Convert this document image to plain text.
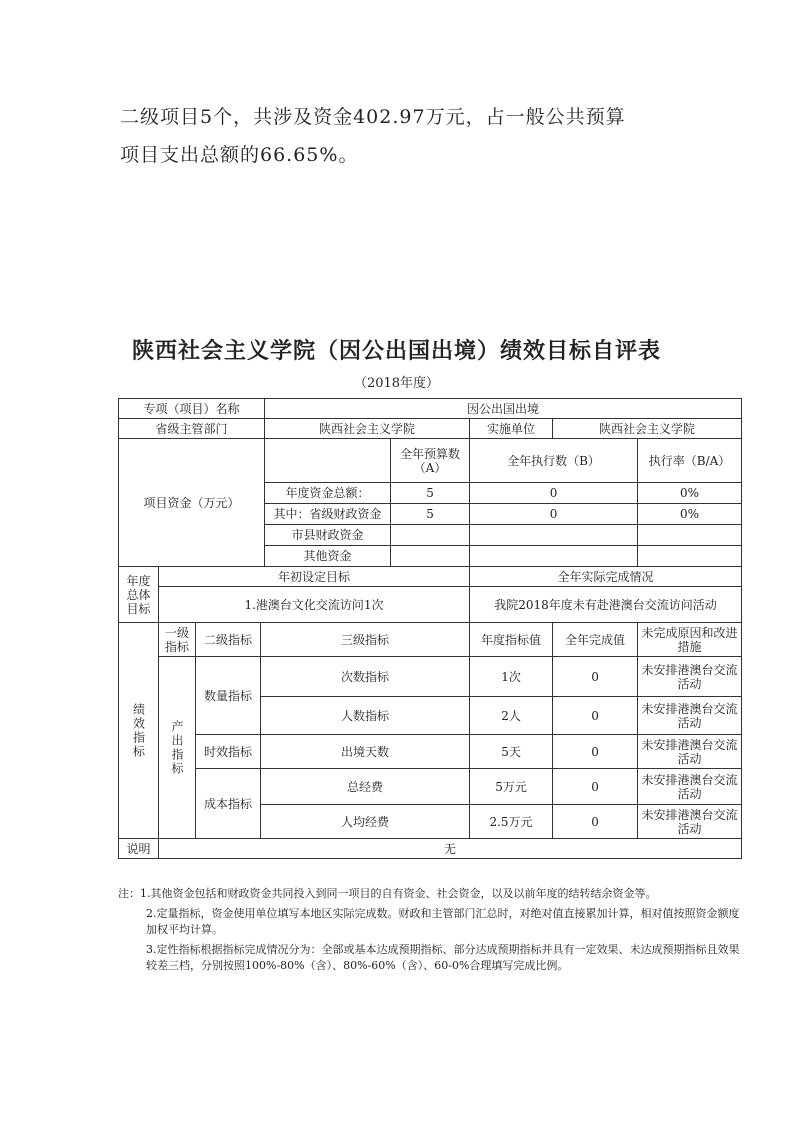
二级项目5个，共涉及资金402.97万元，占一般公共预算
项目支出总额的66.65%。
陕西社会主义学院（因公出国出境）绩效目标自评表
（2018年度）
专项（项目）名称				因公出国出境				
省级主管部门				陕西社会主义学院		实施单位	陕西社会主义学院	
项目资金（万元）					全年预算数（A）	全年执行数（B）		执行率（B/A）
				年度资金总额：	5	0		0%
				其中：省级财政资金	5	0		0%
				市县财政资金				
				其他资金				
年度总体目标	年初设定目标					全年实际完成情况		
	1.港澳台文化交流访问1次					我院2018年度未有赴港澳台交流访问活动		

绩效指标	一级指标	二级指标	三级指标			年度指标值	全年完成值	未完成原因和改进措施

	产出指标	数量指标	次数指标			1次	0	未安排港澳台交流活动
			人数指标			2人	0	未安排港澳台交流活动
		时效指标	出境天数			5天	0	未安排港澳台交流活动
		成本指标	总经费			5万元	0	未安排港澳台交流活动
			人均经费			2.5万元	0	未安排港澳台交流活动
说明	无							

注：1.其他资金包括和财政资金共同投入到同一项目的自有资金、社会资金，以及以前年度的结转结余资金等。

2.定量指标，资金使用单位填写本地区实际完成数。财政和主管部门汇总时，对绝对值直接累加计算，相对值按照资金额度加权平均计算。

3.定性指标根据指标完成情况分为：全部或基本达成预期指标、部分达成预期指标并具有一定效果、未达成预期指标且效果较差三档，分别按照100%-80%（含）、80%-60%（含）、60-0%合理填写完成比例。
